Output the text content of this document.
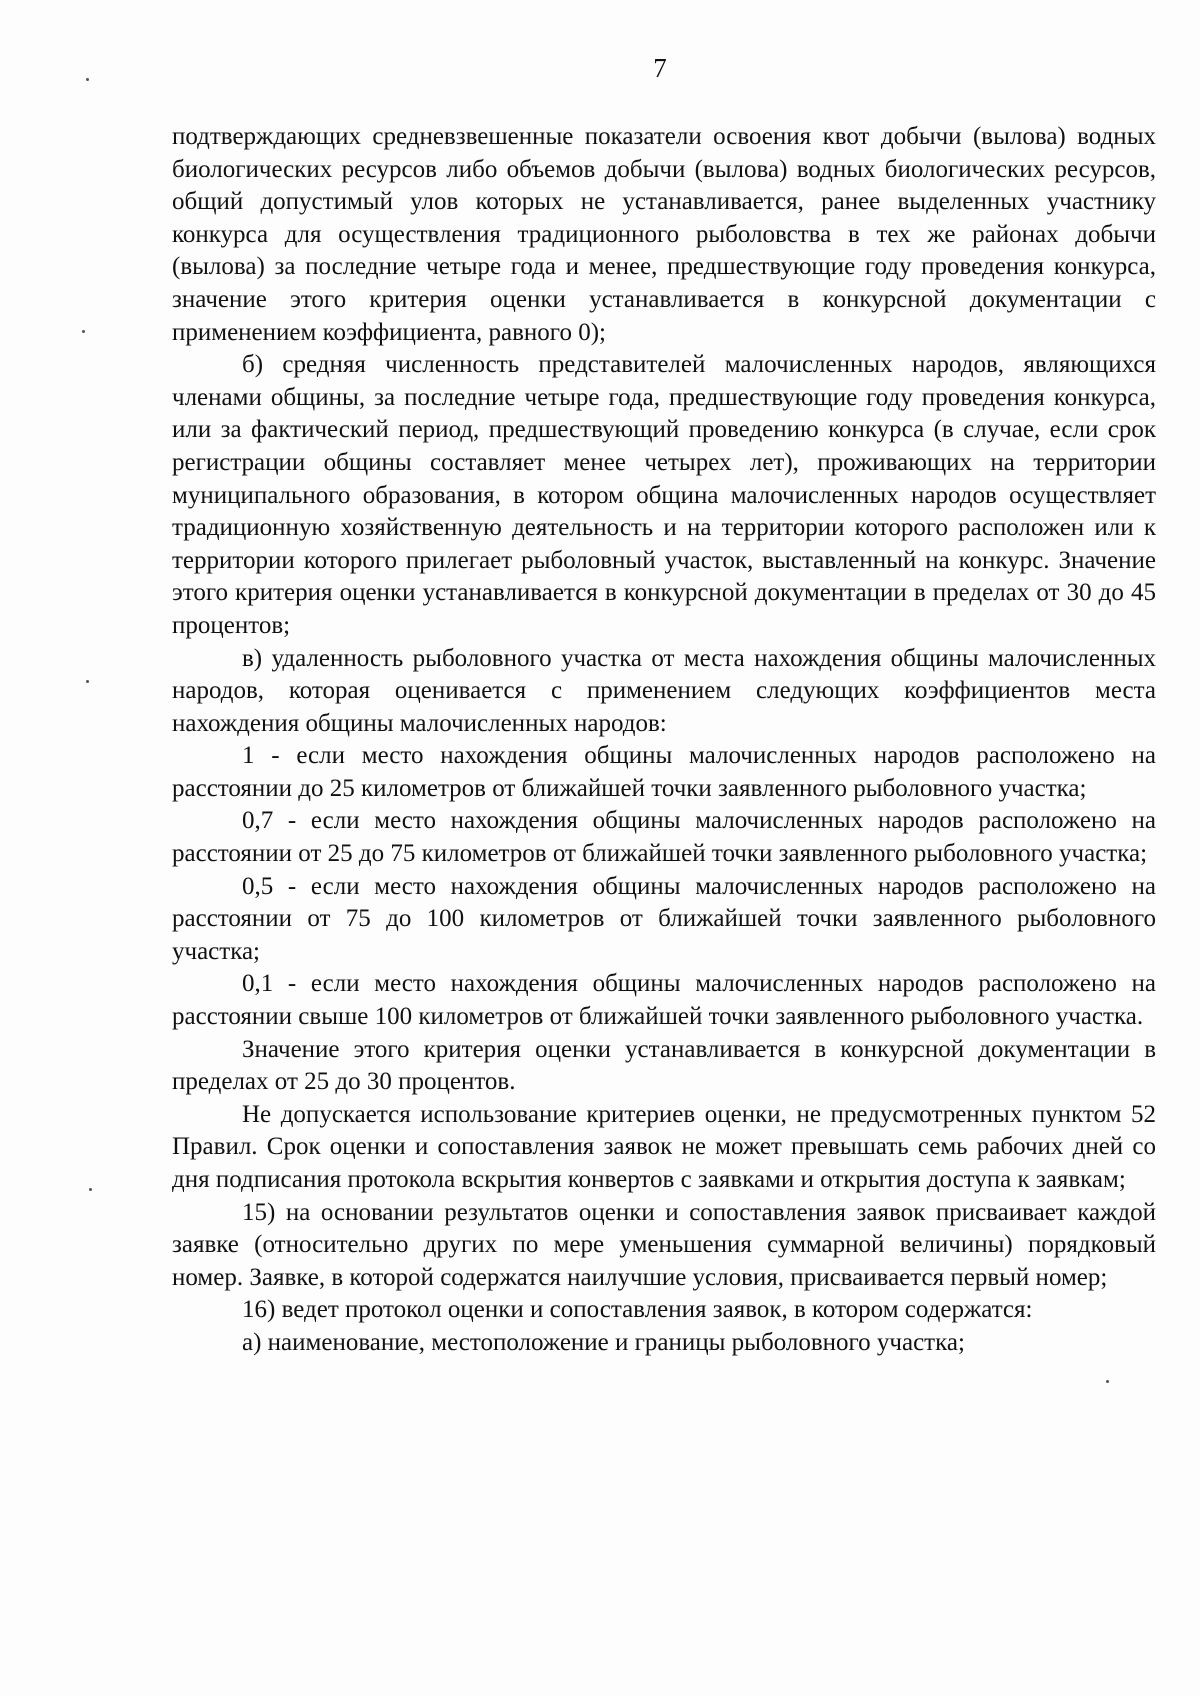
7

подтверждающих средневзвешенные показатели освоения квот добычи (вылова) водных биологических ресурсов либо объемов добычи (вылова) водных биологических ресурсов, общий допустимый улов которых не устанавливается, ранее выделенных участнику конкурса для осуществления традиционного рыболовства в тех же районах добычи (вылова) за последние четыре года и менее, предшествующие году проведения конкурса, значение этого критерия оценки устанавливается в конкурсной документации с применением коэффициента, равного 0);

б) средняя численность представителей малочисленных народов, являющихся членами общины, за последние четыре года, предшествующие году проведения конкурса, или за фактический период, предшествующий проведению конкурса (в случае, если срок регистрации общины составляет менее четырех лет), проживающих на территории муниципального образования, в котором община малочисленных народов осуществляет традиционную хозяйственную деятельность и на территории которого расположен или к территории которого прилегает рыболовный участок, выставленный на конкурс. Значение этого критерия оценки устанавливается в конкурсной документации в пределах от 30 до 45 процентов;

в) удаленность рыболовного участка от места нахождения общины малочисленных народов, которая оценивается с применением следующих коэффициентов места нахождения общины малочисленных народов:

1 - если место нахождения общины малочисленных народов расположено на расстоянии до 25 километров от ближайшей точки заявленного рыболовного участка;

0,7 - если место нахождения общины малочисленных народов расположено на расстоянии от 25 до 75 километров от ближайшей точки заявленного рыболовного участка;

0,5 - если место нахождения общины малочисленных народов расположено на расстоянии от 75 до 100 километров от ближайшей точки заявленного рыболовного участка;

0,1 - если место нахождения общины малочисленных народов расположено на расстоянии свыше 100 километров от ближайшей точки заявленного рыболовного участка.

Значение этого критерия оценки устанавливается в конкурсной документации в пределах от 25 до 30 процентов.

Не допускается использование критериев оценки, не предусмотренных пунктом 52 Правил. Срок оценки и сопоставления заявок не может превышать семь рабочих дней со дня подписания протокола вскрытия конвертов с заявками и открытия доступа к заявкам;

15) на основании результатов оценки и сопоставления заявок присваивает каждой заявке (относительно других по мере уменьшения суммарной величины) порядковый номер. Заявке, в которой содержатся наилучшие условия, присваивается первый номер;

16) ведет протокол оценки и сопоставления заявок, в котором содержатся:

а) наименование, местоположение и границы рыболовного участка;
